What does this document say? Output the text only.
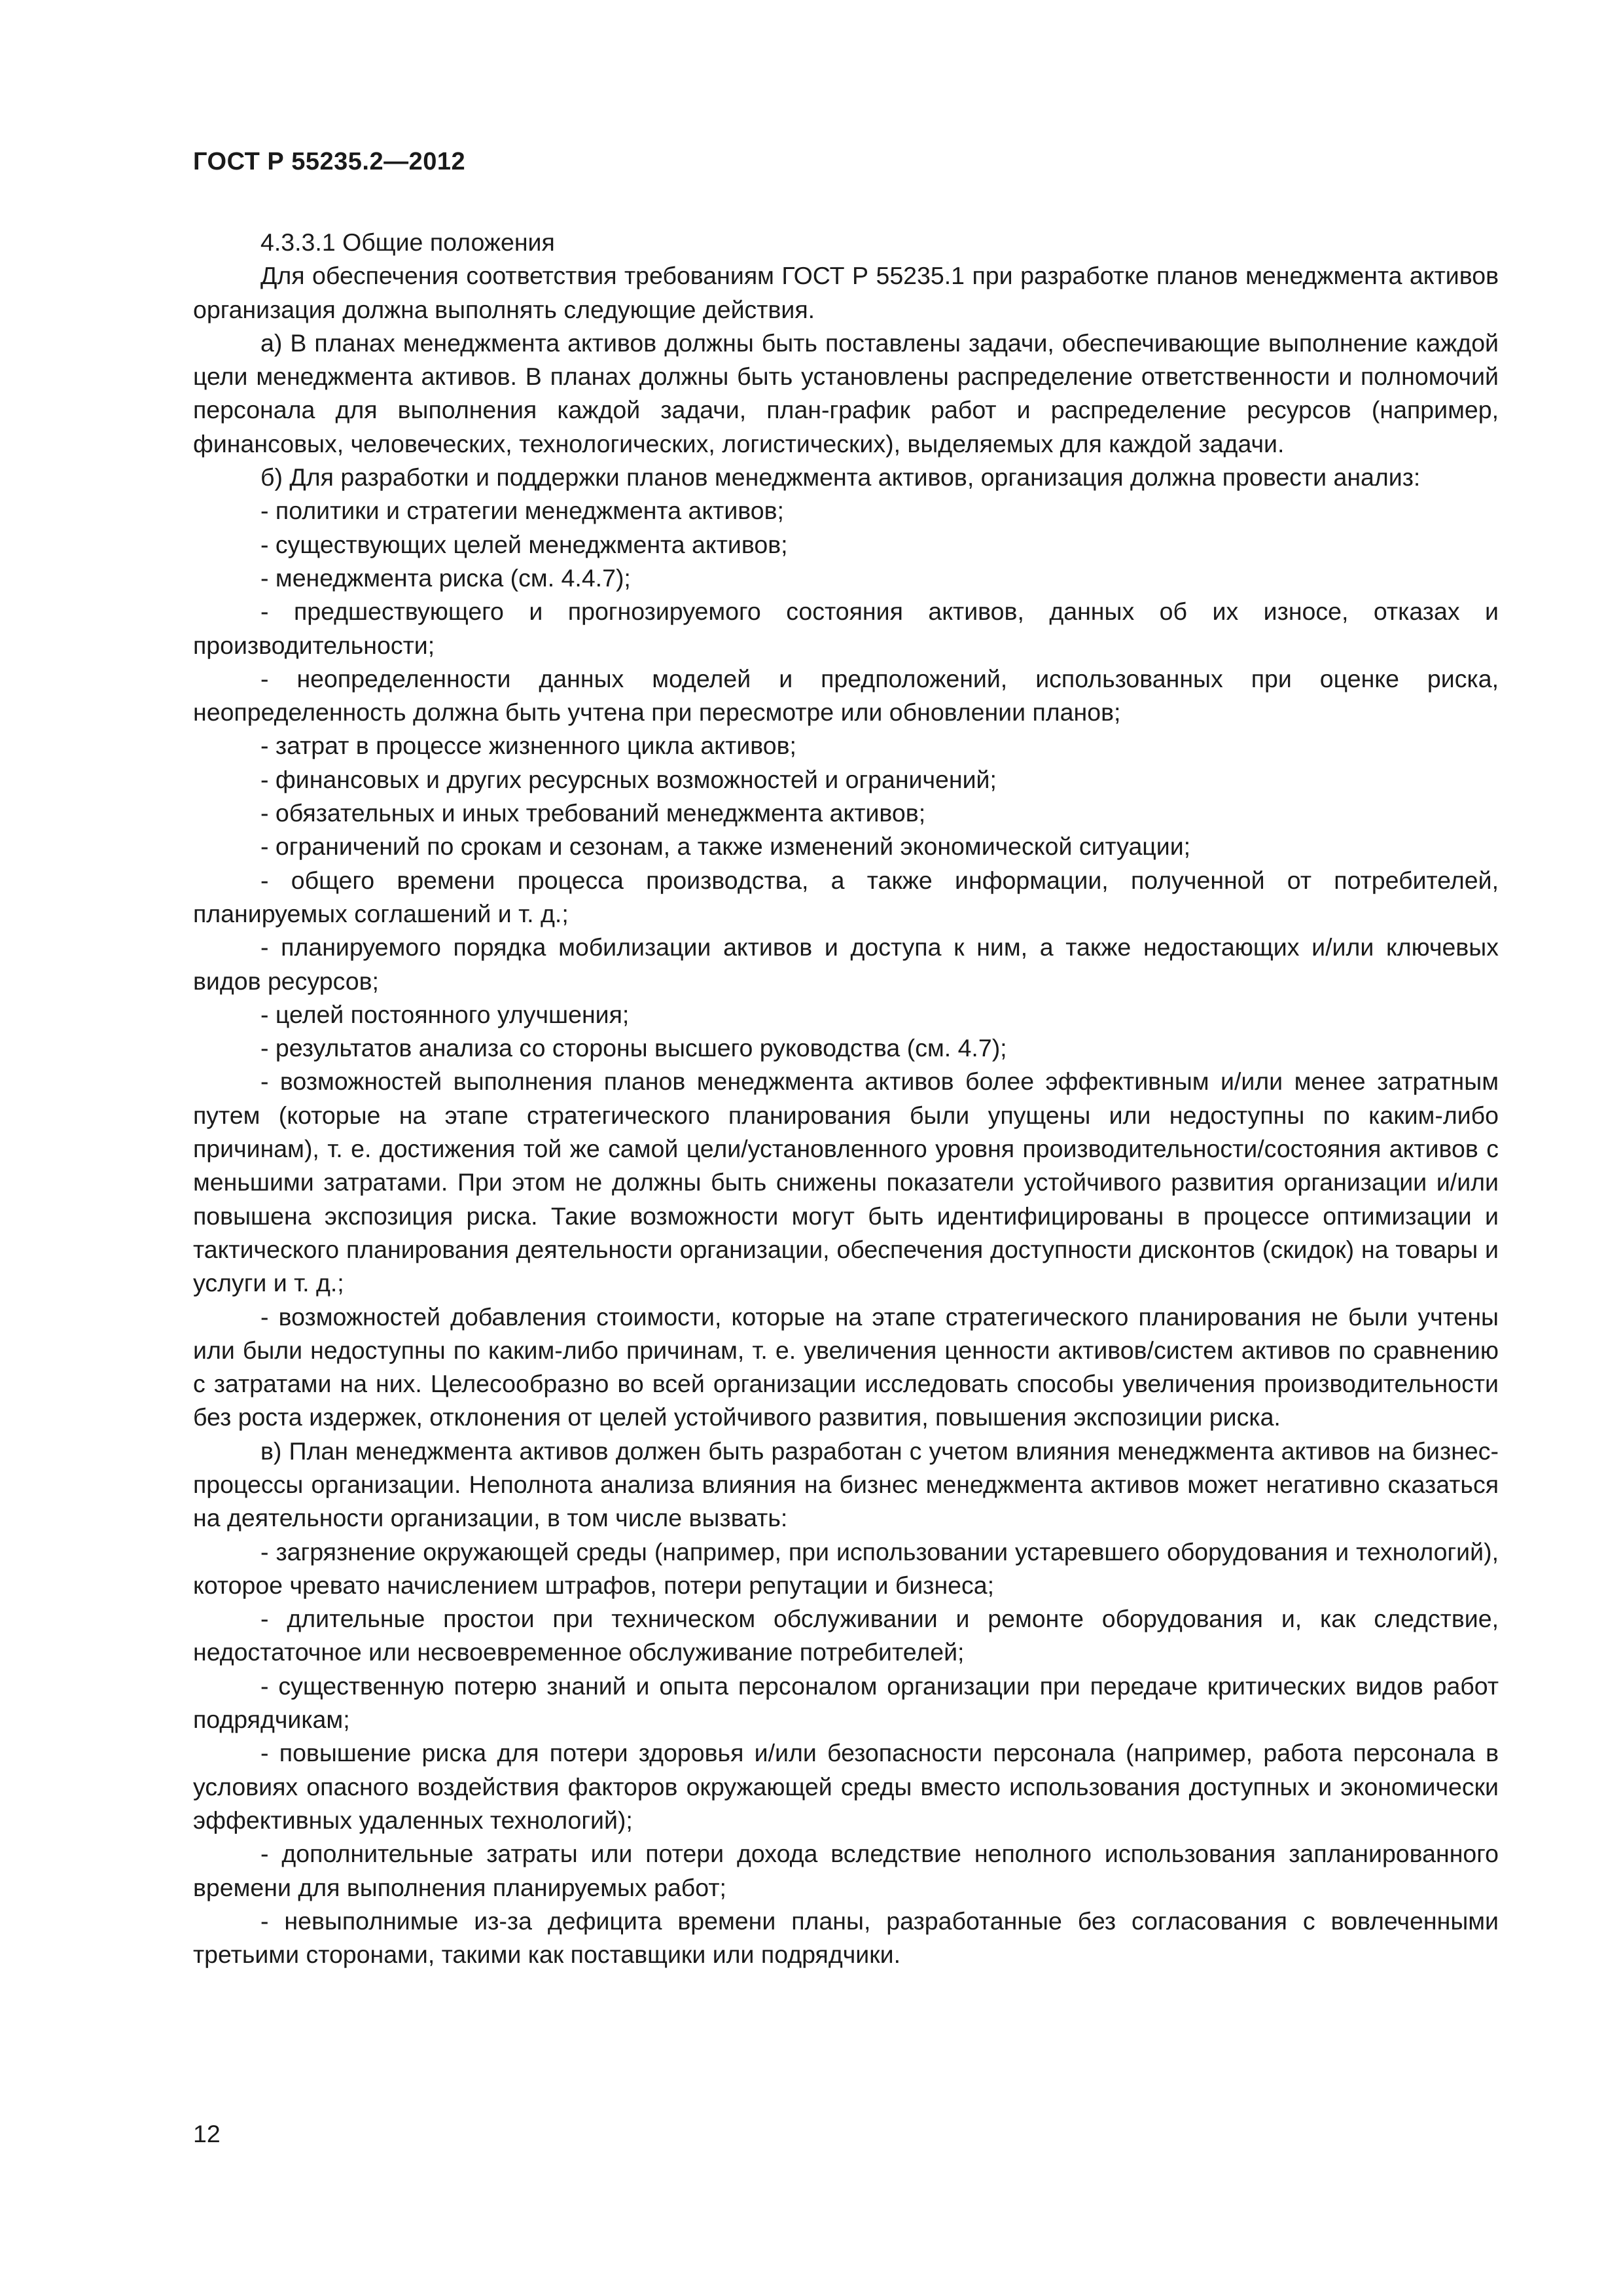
ГОСТ Р 55235.2—2012

4.3.3.1 Общие положения

Для обеспечения соответствия требованиям ГОСТ Р 55235.1 при разработке планов менеджмента активов организация должна выполнять следующие действия.

а) В планах менеджмента активов должны быть поставлены задачи, обеспечивающие выполнение каждой цели менеджмента активов. В планах должны быть установлены распределение ответственности и полномочий персонала для выполнения каждой задачи, план-график работ и распределение ресурсов (например, финансовых, человеческих, технологических, логистических), выделяемых для каждой задачи.

б) Для разработки и поддержки планов менеджмента активов, организация должна провести анализ:

- политики и стратегии менеджмента активов;

- существующих целей менеджмента активов;

- менеджмента риска (см. 4.4.7);

- предшествующего и прогнозируемого состояния активов, данных об их износе, отказах и производительности;

- неопределенности данных моделей и предположений, использованных при оценке риска, неопределенность должна быть учтена при пересмотре или обновлении планов;

- затрат в процессе жизненного цикла активов;

- финансовых и других ресурсных возможностей и ограничений;

- обязательных и иных требований менеджмента активов;

- ограничений по срокам и сезонам, а также изменений экономической ситуации;

- общего времени процесса производства, а также информации, полученной от потребителей, планируемых соглашений и т. д.;

- планируемого порядка мобилизации активов и доступа к ним, а также недостающих и/или ключевых видов ресурсов;

- целей постоянного улучшения;

- результатов анализа со стороны высшего руководства (см. 4.7);

- возможностей выполнения планов менеджмента активов более эффективным и/или менее затратным путем (которые на этапе стратегического планирования были упущены или недоступны по каким-либо причинам), т. е. достижения той же самой цели/установленного уровня производительности/состояния активов с меньшими затратами. При этом не должны быть снижены показатели устойчивого развития организации и/или повышена экспозиция риска. Такие возможности могут быть идентифицированы в процессе оптимизации и тактического планирования деятельности организации, обеспечения доступности дисконтов (скидок) на товары и услуги и т. д.;

- возможностей добавления стоимости, которые на этапе стратегического планирования не были учтены или были недоступны по каким-либо причинам, т. е. увеличения ценности активов/систем активов по сравнению с затратами на них. Целесообразно во всей организации исследовать способы увеличения производительности без роста издержек, отклонения от целей устойчивого развития, повышения экспозиции риска.

в) План менеджмента активов должен быть разработан с учетом влияния менеджмента активов на бизнес-процессы организации. Неполнота анализа влияния на бизнес менеджмента активов может негативно сказаться на деятельности организации, в том числе вызвать:

- загрязнение окружающей среды (например, при использовании устаревшего оборудования и технологий), которое чревато начислением штрафов, потери репутации и бизнеса;

- длительные простои при техническом обслуживании и ремонте оборудования и, как следствие, недостаточное или несвоевременное обслуживание потребителей;

- существенную потерю знаний и опыта персоналом организации при передаче критических видов работ подрядчикам;

- повышение риска для потери здоровья и/или безопасности персонала (например, работа персонала в условиях опасного воздействия факторов окружающей среды вместо использования доступных и экономически эффективных удаленных технологий);

- дополнительные затраты или потери дохода вследствие неполного использования запланированного времени для выполнения планируемых работ;

- невыполнимые из-за дефицита времени планы, разработанные без согласования с вовлеченными третьими сторонами, такими как поставщики или подрядчики.

12
